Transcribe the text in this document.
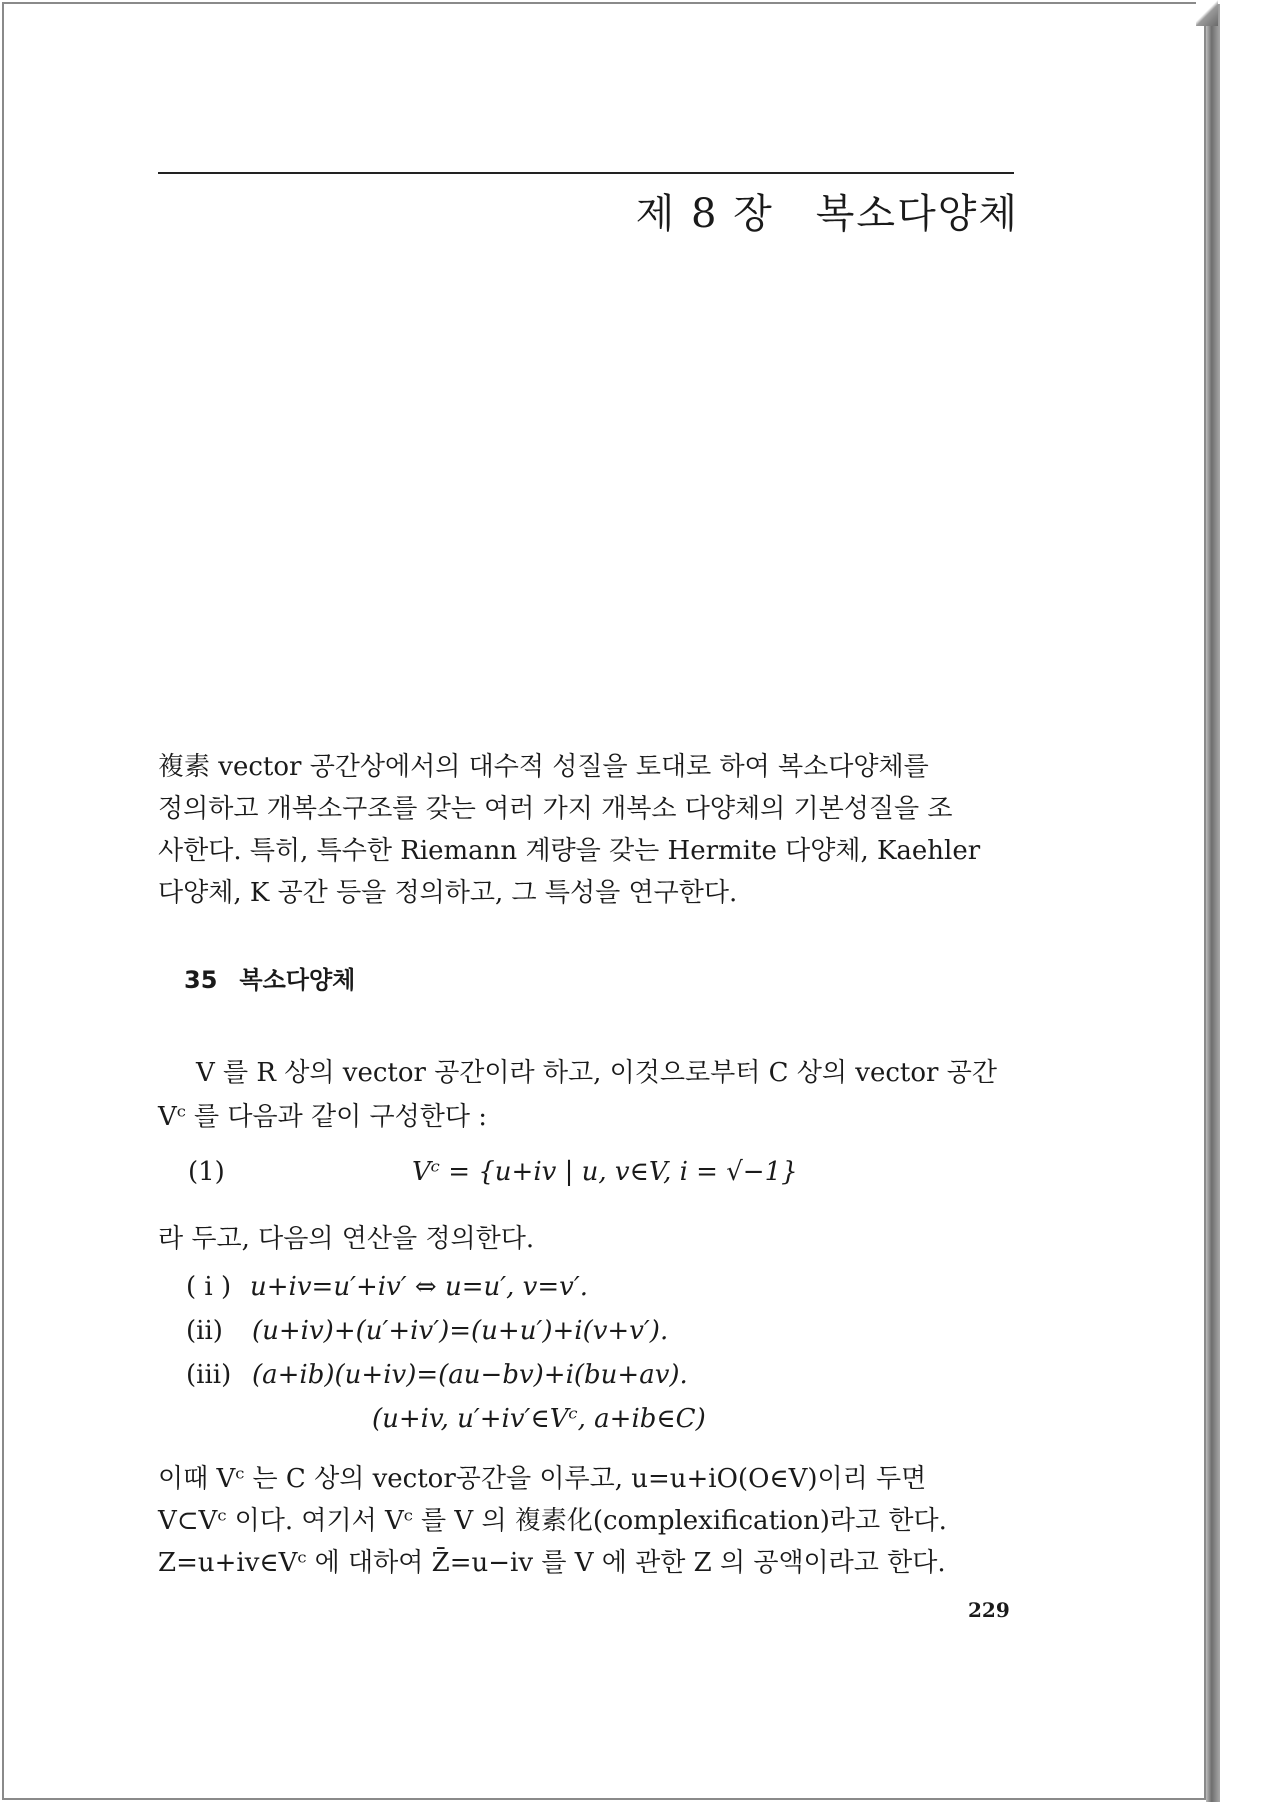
제 8 장 복소다양체
複素 vector 공간상에서의 대수적 성질을 토대로 하여 복소다양체를
정의하고 개복소구조를 갖는 여러 가지 개복소 다양체의 기본성질을 조
사한다. 특히, 특수한 Riemann 계량을 갖는 Hermite 다양체, Kaehler
다양체, K 공간 등을 정의하고, 그 특성을 연구한다.
35 복소다양체
V 를 R 상의 vector 공간이라 하고, 이것으로부터 C 상의 vector 공간
Vᶜ 를 다음과 같이 구성한다 :
(1)	Vᶜ = {u+iv | u, v∈V, i = √−1}
라 두고, 다음의 연산을 정의한다.
( i ) u+iv=u′+iv′ ⇔ u=u′, v=v′.
(ii) (u+iv)+(u′+iv′)=(u+u′)+i(v+v′).
(iii) (a+ib)(u+iv)=(au−bv)+i(bu+av).
(u+iv, u′+iv′∈Vᶜ, a+ib∈C)
이때 Vᶜ 는 C 상의 vector공간을 이루고, u=u+iO(O∈V)이리 두면
V⊂Vᶜ 이다. 여기서 Vᶜ 를 V 의 複素化(complexification)라고 한다.
Z=u+iv∈Vᶜ 에 대하여 Z̄=u−iv 를 V 에 관한 Z 의 공액이라고 한다.
229
